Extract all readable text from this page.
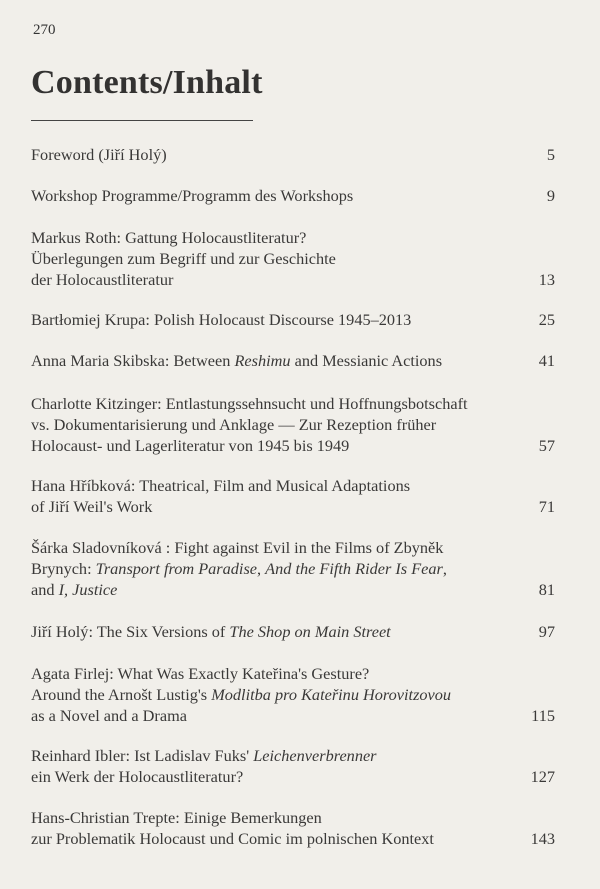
270
Contents/Inhalt
Foreword (Jiří Holý)	5
Workshop Programme/Programm des Workshops	9
Markus Roth: Gattung Holocaustliteratur?
Überlegungen zum Begriff und zur Geschichte
der Holocaustliteratur	13
Bartłomiej Krupa: Polish Holocaust Discourse 1945–2013	25
Anna Maria Skibska: Between Reshimu and Messianic Actions	41
Charlotte Kitzinger: Entlastungssehnsucht und Hoffnungsbotschaft
vs. Dokumentarisierung und Anklage — Zur Rezeption früher
Holocaust- und Lagerliteratur von 1945 bis 1949	57
Hana Hříbková: Theatrical, Film and Musical Adaptations
of Jiří Weil's Work	71
Šárka Sladovníková : Fight against Evil in the Films of Zbyněk
Brynych: Transport from Paradise, And the Fifth Rider Is Fear,
and I, Justice	81
Jiří Holý: The Six Versions of The Shop on Main Street	97
Agata Firlej: What Was Exactly Kateřina's Gesture?
Around the Arnošt Lustig's Modlitba pro Kateřinu Horovitzovou
as a Novel and a Drama	115
Reinhard Ibler: Ist Ladislav Fuks' Leichenverbrenner
ein Werk der Holocaustliteratur?	127
Hans-Christian Trepte: Einige Bemerkungen
zur Problematik Holocaust und Comic im polnischen Kontext	143
